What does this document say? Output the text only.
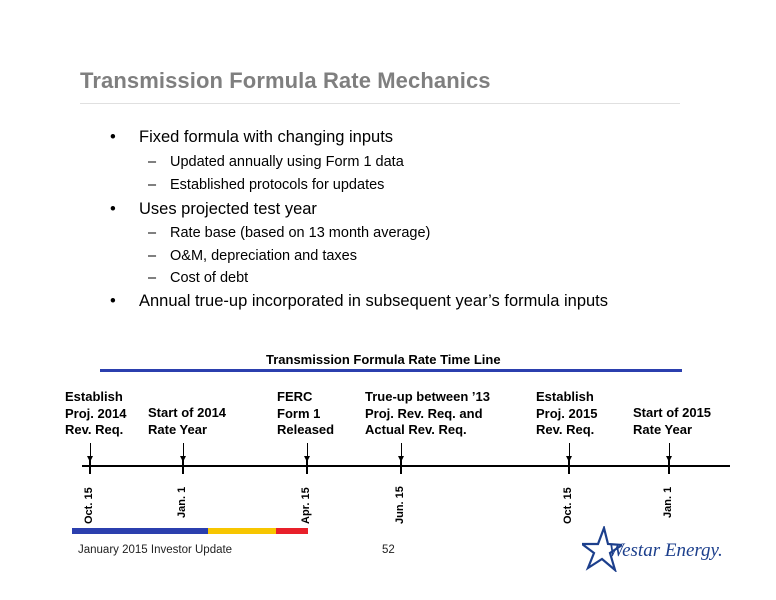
Transmission Formula Rate Mechanics
• Fixed formula with changing inputs
– Updated annually using Form 1 data
– Established protocols for updates
• Uses projected test year
– Rate base (based on 13 month average)
– O&M, depreciation and taxes
– Cost of debt
• Annual true-up incorporated in subsequent year’s formula inputs
Transmission Formula Rate Time Line
Establish
Proj. 2014
Rev. Req.
Start of 2014
Rate Year
FERC
Form 1
Released
True-up between ’13
Proj. Rev. Req. and
Actual Rev. Req.
Establish
Proj. 2015
Rev. Req.
Start of 2015
Rate Year
Oct. 15	Jan. 1	Apr. 15	Jun. 15	Oct. 15	Jan. 1
January 2015 Investor Update	52	Westar Energy.
